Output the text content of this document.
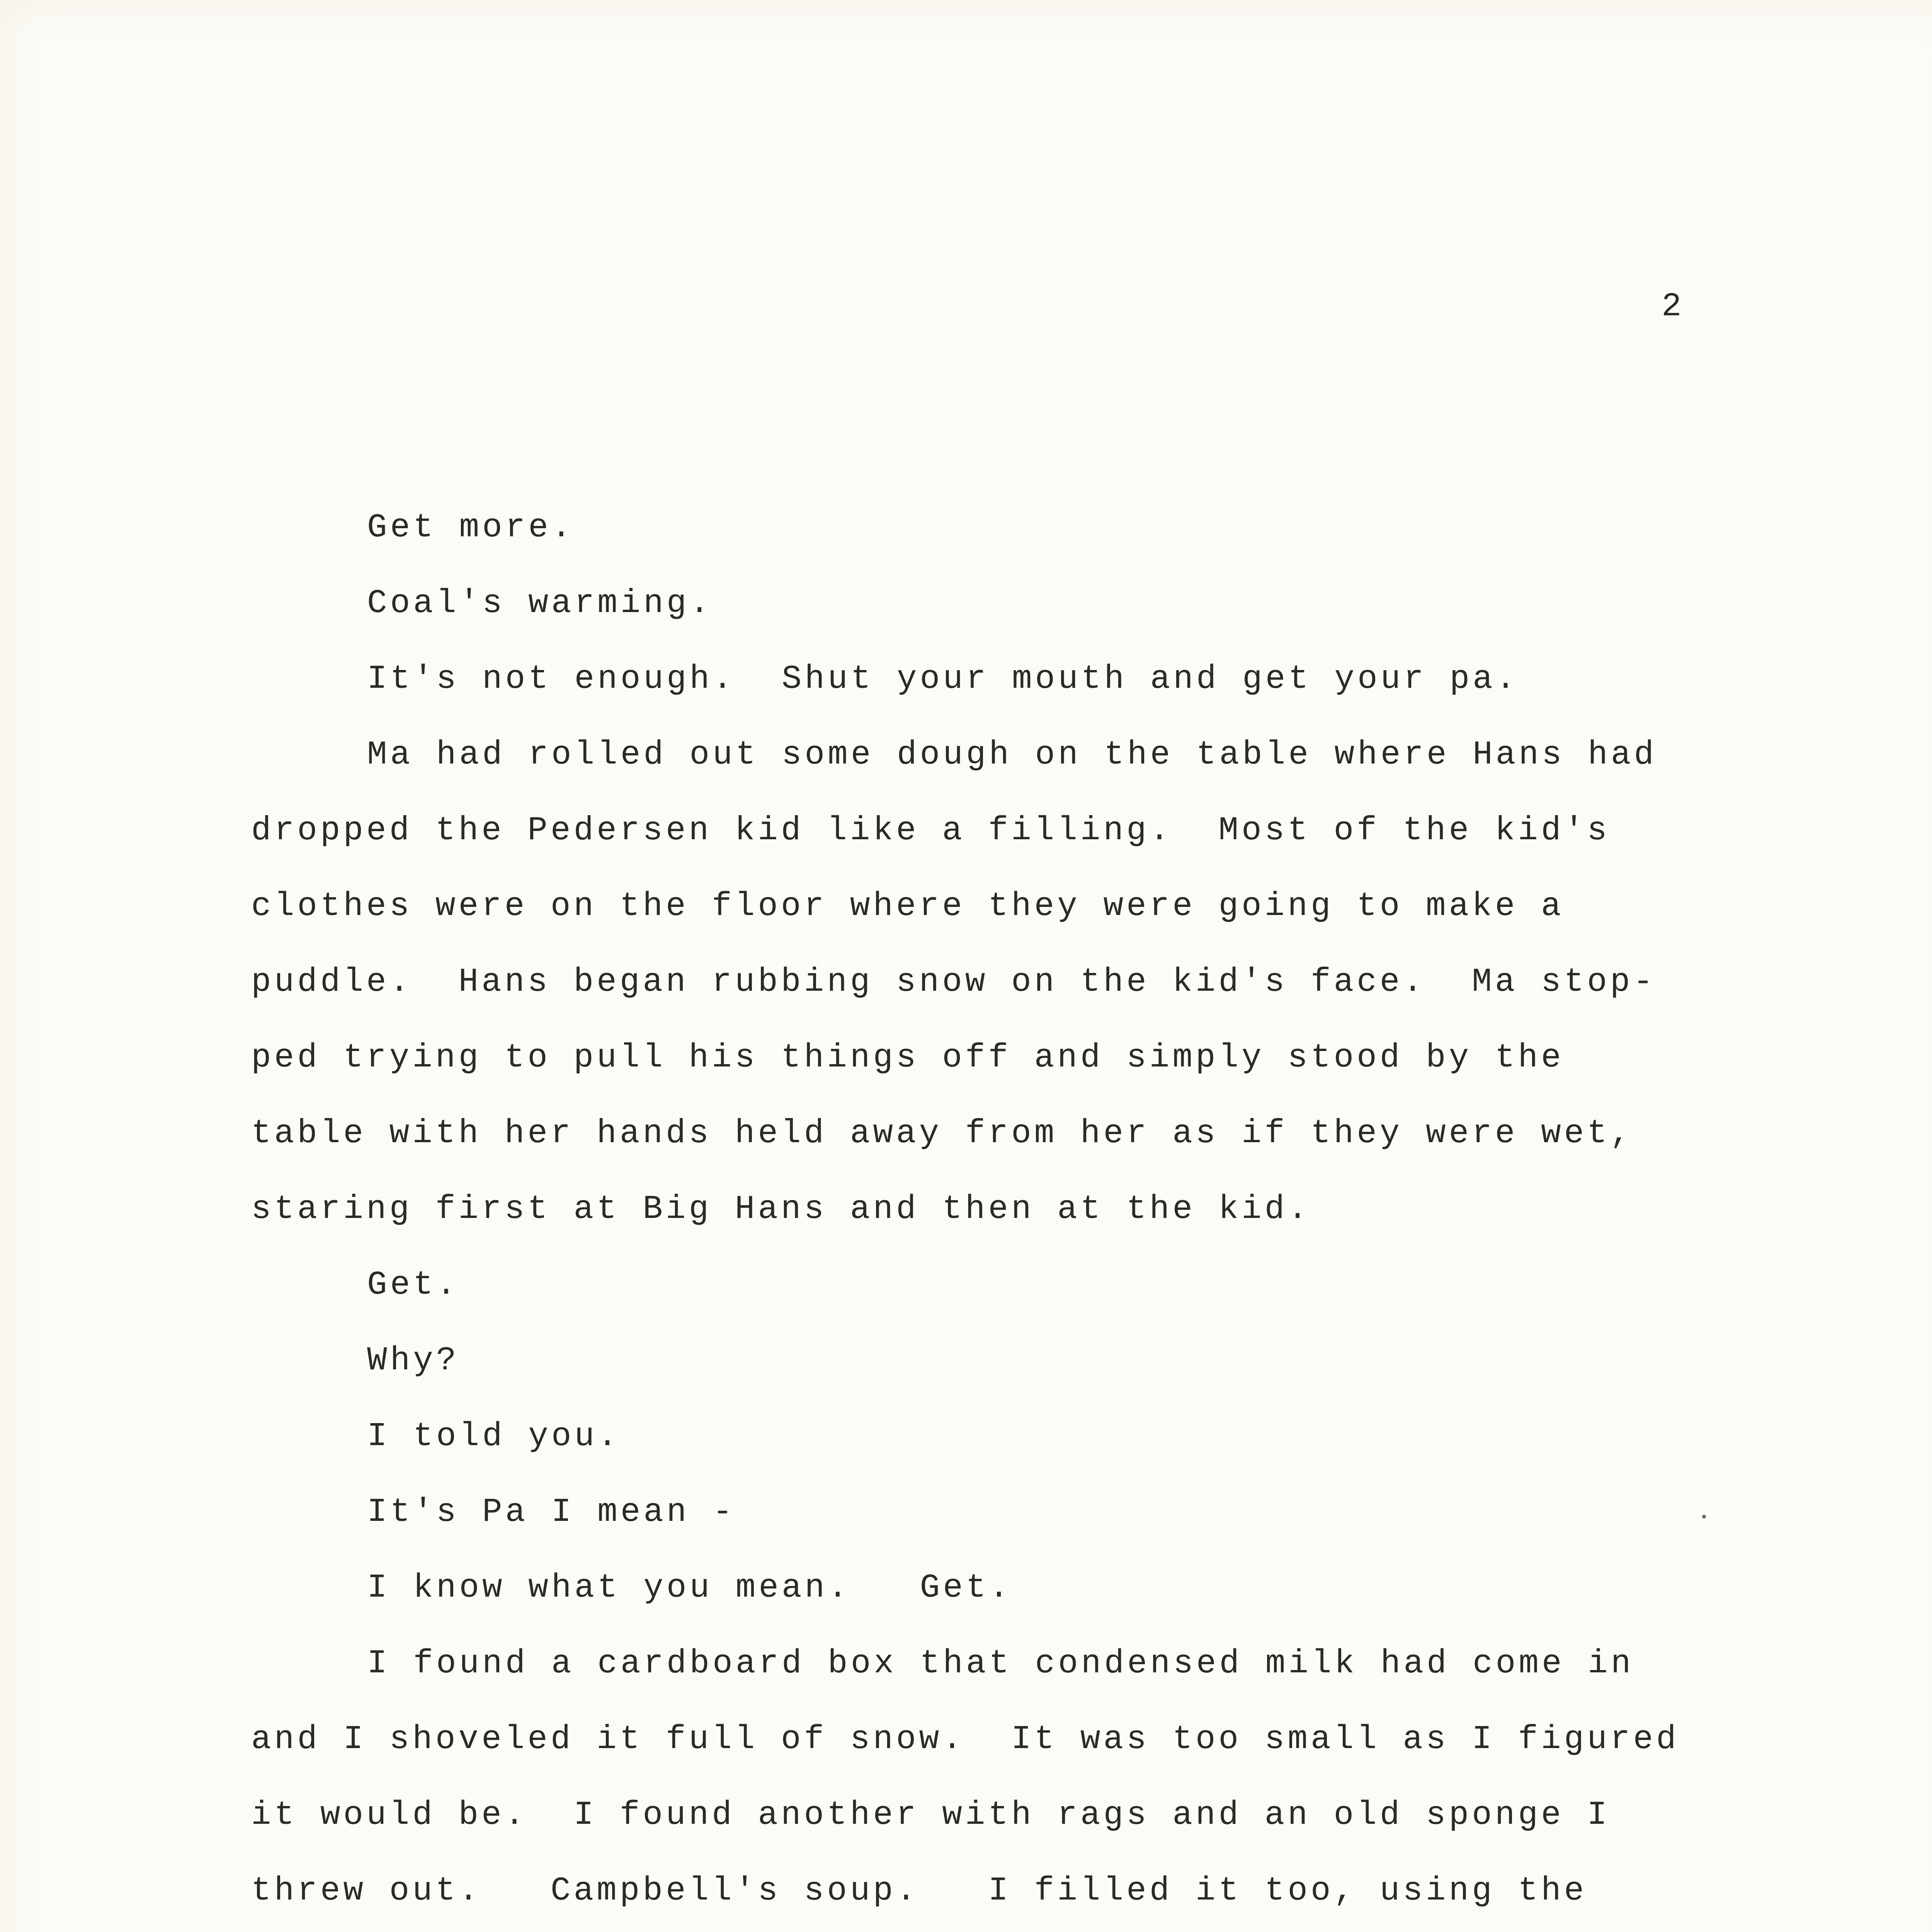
2
Get more.
Coal's warming.
It's not enough.  Shut your mouth and get your pa.
Ma had rolled out some dough on the table where Hans had
dropped the Pedersen kid like a filling.  Most of the kid's
clothes were on the floor where they were going to make a
puddle.  Hans began rubbing snow on the kid's face.  Ma stop-
ped trying to pull his things off and simply stood by the
table with her hands held away from her as if they were wet,
staring first at Big Hans and then at the kid.
Get.
Why?
I told you.
It's Pa I mean -
I know what you mean.   Get.
I found a cardboard box that condensed milk had come in
and I shoveled it full of snow.  It was too small as I figured
it would be.  I found another with rags and an old sponge I
threw out.   Campbell's soup.   I filled it too, using the
